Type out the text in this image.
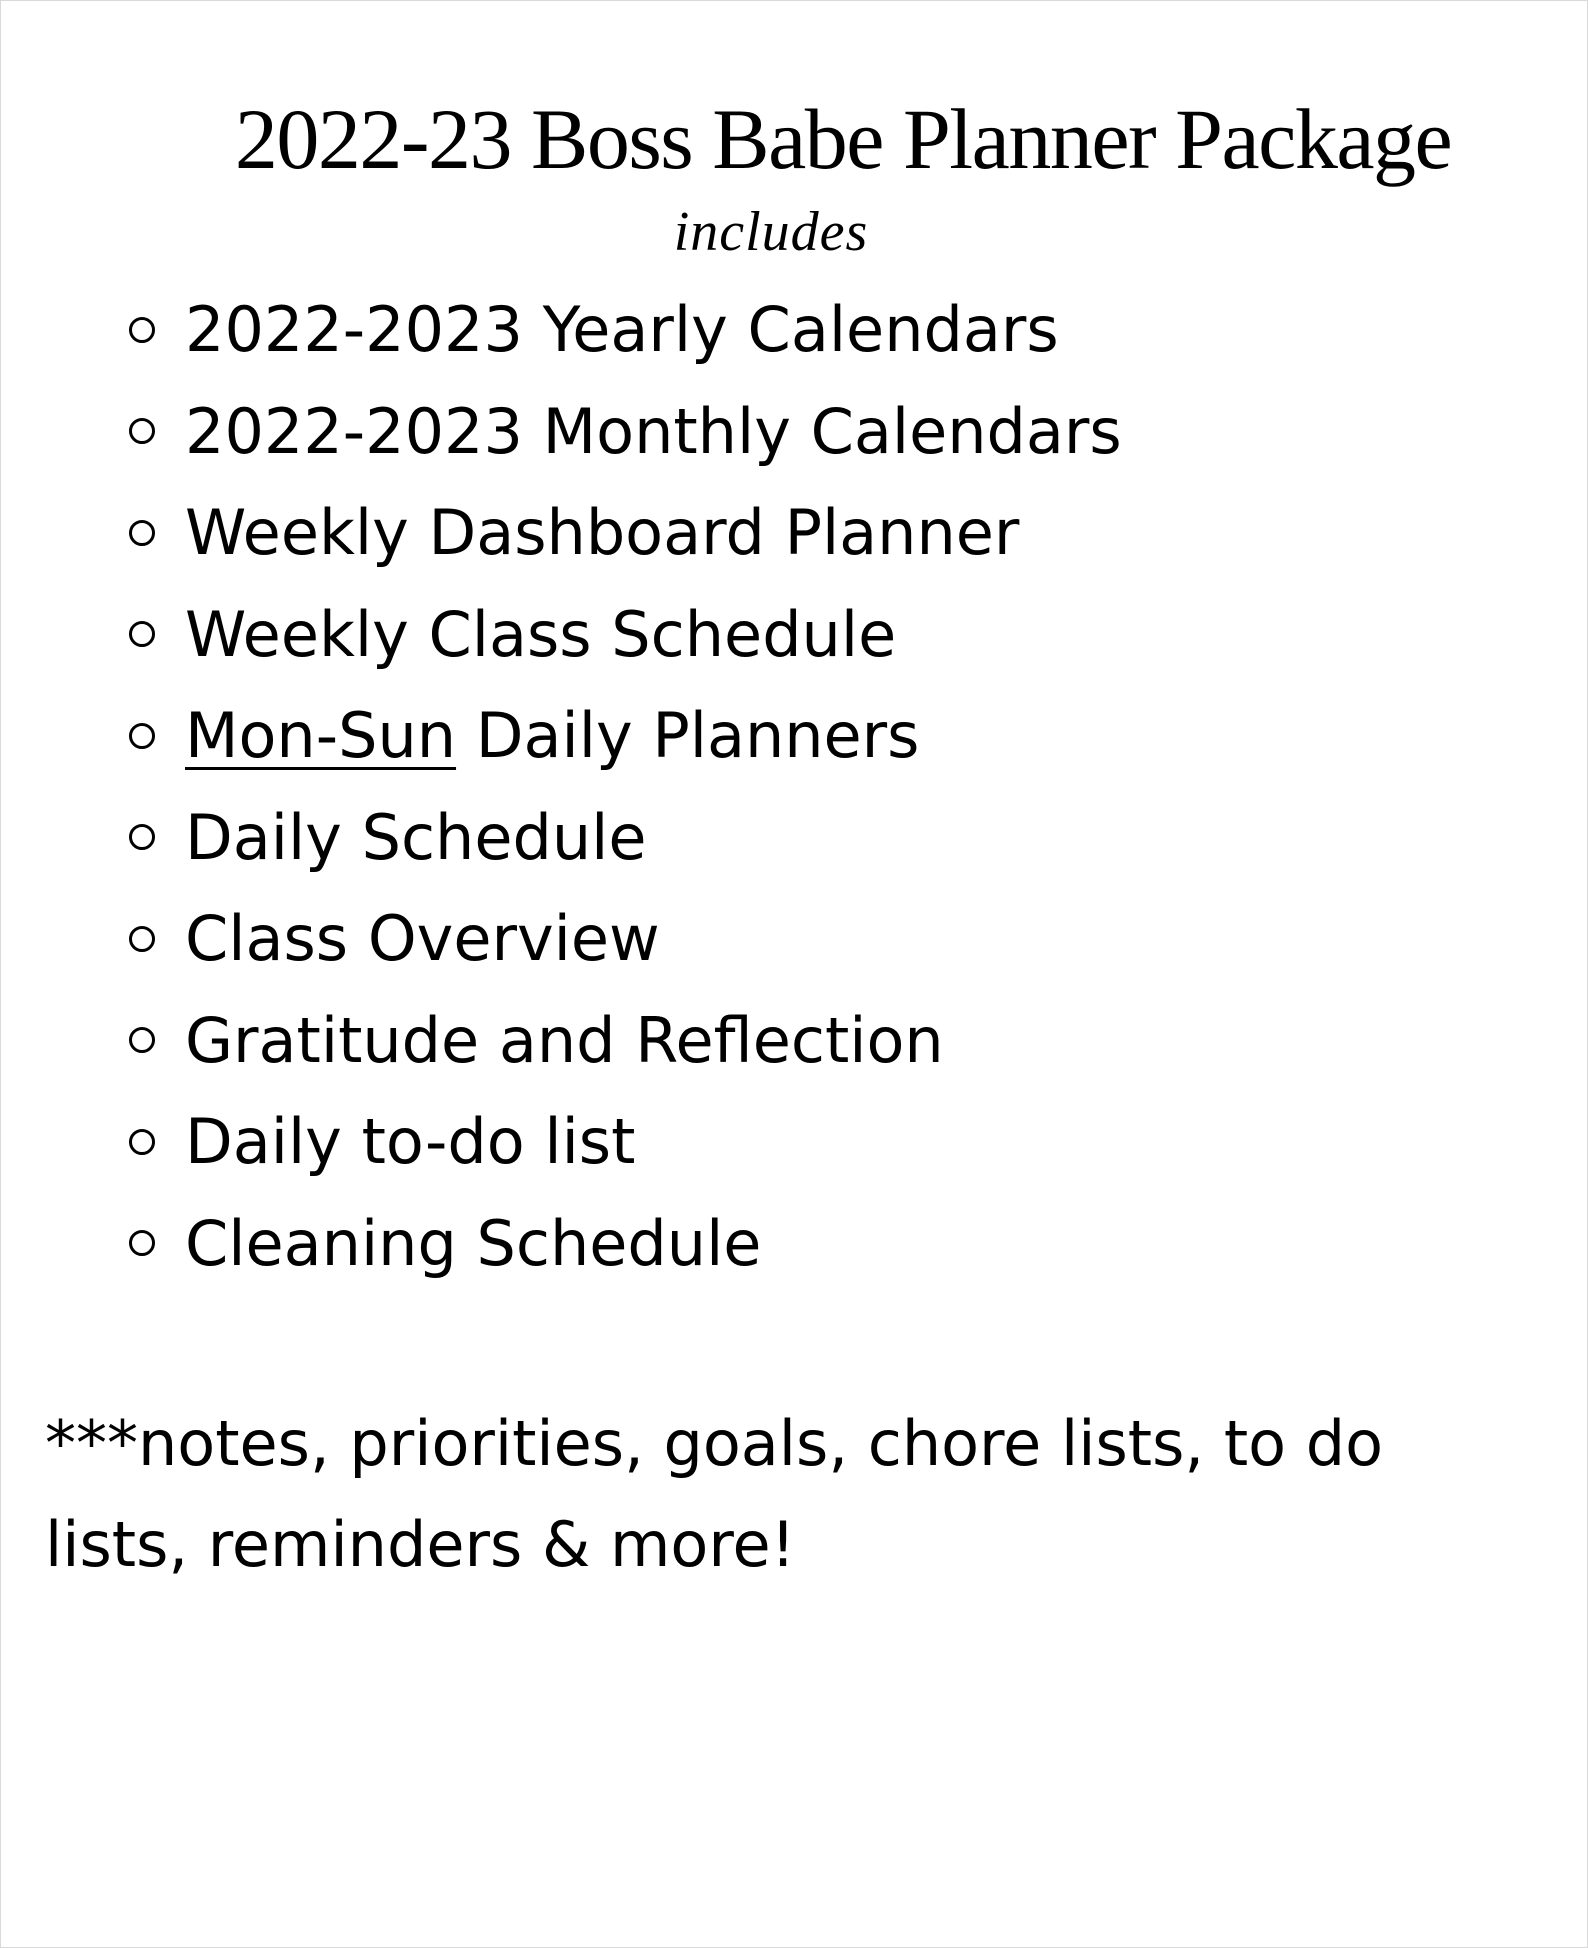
2022-23 Boss Babe Planner Package
includes
2022-2023 Yearly Calendars
2022-2023 Monthly Calendars
Weekly Dashboard Planner
Weekly Class Schedule
Mon-Sun Daily Planners
Daily Schedule
Class Overview
Gratitude and Reflection
Daily to-do list
Cleaning Schedule

***notes, priorities, goals, chore lists, to do lists, reminders & more!
